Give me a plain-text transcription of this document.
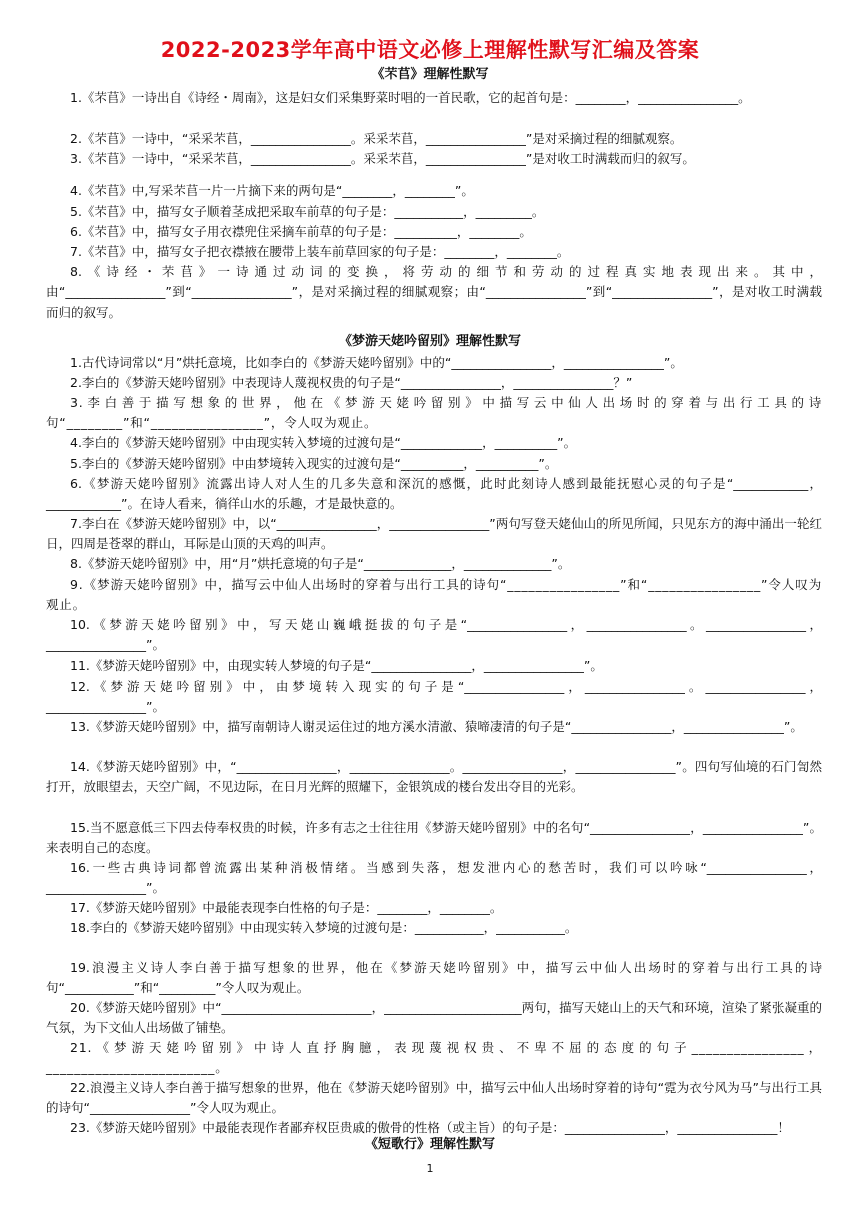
2022-2023学年高中语文必修上理解性默写汇编及答案
《芣苢》理解性默写
1.《芣苢》一诗出自《诗经・周南》，这是妇女们采集野菜时唱的一首民歌，它的起首句是：________，________________。
2.《芣苢》一诗中，“采采芣苢，________________。采采芣苢，________________”是对采摘过程的细腻观察。
3.《芣苢》一诗中，“采采芣苢，________________。采采芣苢，________________”是对收工时满载而归的叙写。
4.《芣苢》中,写采芣苢一片一片摘下来的两句是“________，________”。
5.《芣苢》中，描写女子顺着茎成把采取车前草的句子是：___________，_________。
6.《芣苢》中，描写女子用衣襟兜住采摘车前草的句子是：__________，________。
7.《芣苢》中，描写女子把衣襟掖在腰带上装车前草回家的句子是：________，________。
8.《诗经・芣苢》一诗通过动词的变换，将劳动的细节和劳动的过程真实地表现出来。其中，由“________________”到“________________”，是对采摘过程的细腻观察；由“________________”到“________________”，是对收工时满载而归的叙写。
《梦游天姥吟留别》理解性默写
1.古代诗词常以“月”烘托意境，比如李白的《梦游天姥吟留别》中的“________________，________________”。
2.李白的《梦游天姥吟留别》中表现诗人蔑视权贵的句子是“________________，________________？”
3.李白善于描写想象的世界，他在《梦游天姥吟留别》中描写云中仙人出场时的穿着与出行工具的诗句“________”和“________________”，令人叹为观止。
4.李白的《梦游天姥吟留别》中由现实转入梦境的过渡句是“_____________，__________”。
5.李白的《梦游天姥吟留别》中由梦境转入现实的过渡句是“__________，__________”。
6.《梦游天姥吟留别》流露出诗人对人生的几多失意和深沉的感慨，此时此刻诗人感到最能抚慰心灵的句子是“____________，____________”。在诗人看来，徜徉山水的乐趣，才是最快意的。
7.李白在《梦游天姥吟留别》中，以“________________，________________”两句写登天姥仙山的所见所闻，只见东方的海中涌出一轮红日，四周是苍翠的群山，耳际是山顶的天鸡的叫声。
8.《梦游天姥吟留别》中，用“月”烘托意境的句子是“______________，______________”。
9.《梦游天姥吟留别》中，描写云中仙人出场时的穿着与出行工具的诗句“________________”和“________________”令人叹为观止。
10.《梦游天姥吟留别》中，写天姥山巍峨挺拔的句子是“________________，________________。________________，________________”。
11.《梦游天姥吟留别》中，由现实转人梦境的句子是“________________，________________”。
12.《梦游天姥吟留别》中，由梦境转入现实的句子是“________________，________________。________________，________________”。
13.《梦游天姥吟留别》中，描写南朝诗人谢灵运住过的地方溪水清澈、猿啼凄清的句子是“________________，________________”。
14.《梦游天姥吟留别》中，“________________，________________。________________，________________”。四句写仙境的石门訇然打开，放眼望去，天空广阔，不见边际，在日月光辉的照耀下，金银筑成的楼台发出夺目的光彩。
15.当不愿意低三下四去侍奉权贵的时候，许多有志之士往往用《梦游天姥吟留别》中的名句“________________，________________”。来表明自己的态度。
16.一些古典诗词都曾流露出某种消极情绪。当感到失落，想发泄内心的愁苦时，我们可以吟咏“________________，________________”。
17.《梦游天姥吟留别》中最能表现李白性格的句子是：________，________。
18.李白的《梦游天姥吟留别》中由现实转入梦境的过渡句是：___________，___________。
19.浪漫主义诗人李白善于描写想象的世界，他在《梦游天姥吟留别》中，描写云中仙人出场时的穿着与出行工具的诗句“___________”和“_________”令人叹为观止。
20.《梦游天姥吟留别》中“________________________，______________________两句，描写天姥山上的天气和环境，渲染了紧张凝重的气氛，为下文仙人出场做了铺垫。
21.《梦游天姥吟留别》中诗人直抒胸臆，表现蔑视权贵、不卑不屈的态度的句子________________，________________________。
22.浪漫主义诗人李白善于描写想象的世界，他在《梦游天姥吟留别》中，描写云中仙人出场时穿着的诗句“霓为衣兮风为马”与出行工具的诗句“________________”令人叹为观止。
23.《梦游天姥吟留别》中最能表现作者鄙弃权臣贵戚的傲骨的性格（或主旨）的句子是：________________，________________！
《短歌行》理解性默写
1
